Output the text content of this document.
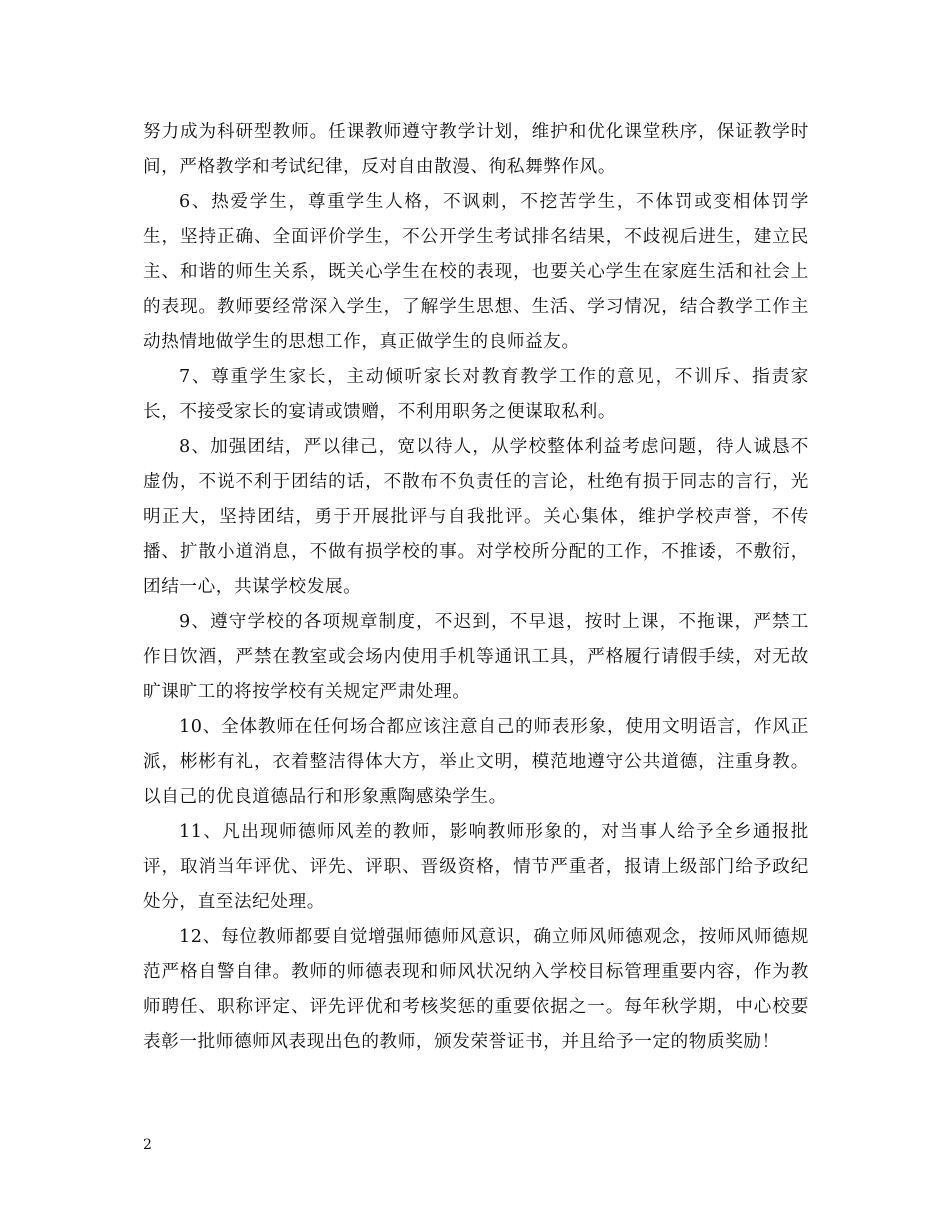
努力成为科研型教师。任课教师遵守教学计划，维护和优化课堂秩序，保证教学时间，严格教学和考试纪律，反对自由散漫、徇私舞弊作风。

6、热爱学生，尊重学生人格，不讽刺，不挖苦学生，不体罚或变相体罚学生，坚持正确、全面评价学生，不公开学生考试排名结果，不歧视后进生，建立民主、和谐的师生关系，既关心学生在校的表现，也要关心学生在家庭生活和社会上的表现。教师要经常深入学生，了解学生思想、生活、学习情况，结合教学工作主动热情地做学生的思想工作，真正做学生的良师益友。

7、尊重学生家长，主动倾听家长对教育教学工作的意见，不训斥、指责家长，不接受家长的宴请或馈赠，不利用职务之便谋取私利。

8、加强团结，严以律己，宽以待人，从学校整体利益考虑问题，待人诚恳不虚伪，不说不利于团结的话，不散布不负责任的言论，杜绝有损于同志的言行，光明正大，坚持团结，勇于开展批评与自我批评。关心集体，维护学校声誉，不传播、扩散小道消息，不做有损学校的事。对学校所分配的工作，不推诿，不敷衍，团结一心，共谋学校发展。

9、遵守学校的各项规章制度，不迟到，不早退，按时上课，不拖课，严禁工作日饮酒，严禁在教室或会场内使用手机等通讯工具，严格履行请假手续，对无故旷课旷工的将按学校有关规定严肃处理。

10、全体教师在任何场合都应该注意自己的师表形象，使用文明语言，作风正派，彬彬有礼，衣着整洁得体大方，举止文明，模范地遵守公共道德，注重身教。以自己的优良道德品行和形象熏陶感染学生。

11、凡出现师德师风差的教师，影响教师形象的，对当事人给予全乡通报批评，取消当年评优、评先、评职、晋级资格，情节严重者，报请上级部门给予政纪处分，直至法纪处理。

12、每位教师都要自觉增强师德师风意识，确立师风师德观念，按师风师德规范严格自警自律。教师的师德表现和师风状况纳入学校目标管理重要内容，作为教师聘任、职称评定、评先评优和考核奖惩的重要依据之一。每年秋学期，中心校要表彰一批师德师风表现出色的教师，颁发荣誉证书，并且给予一定的物质奖励！

2
